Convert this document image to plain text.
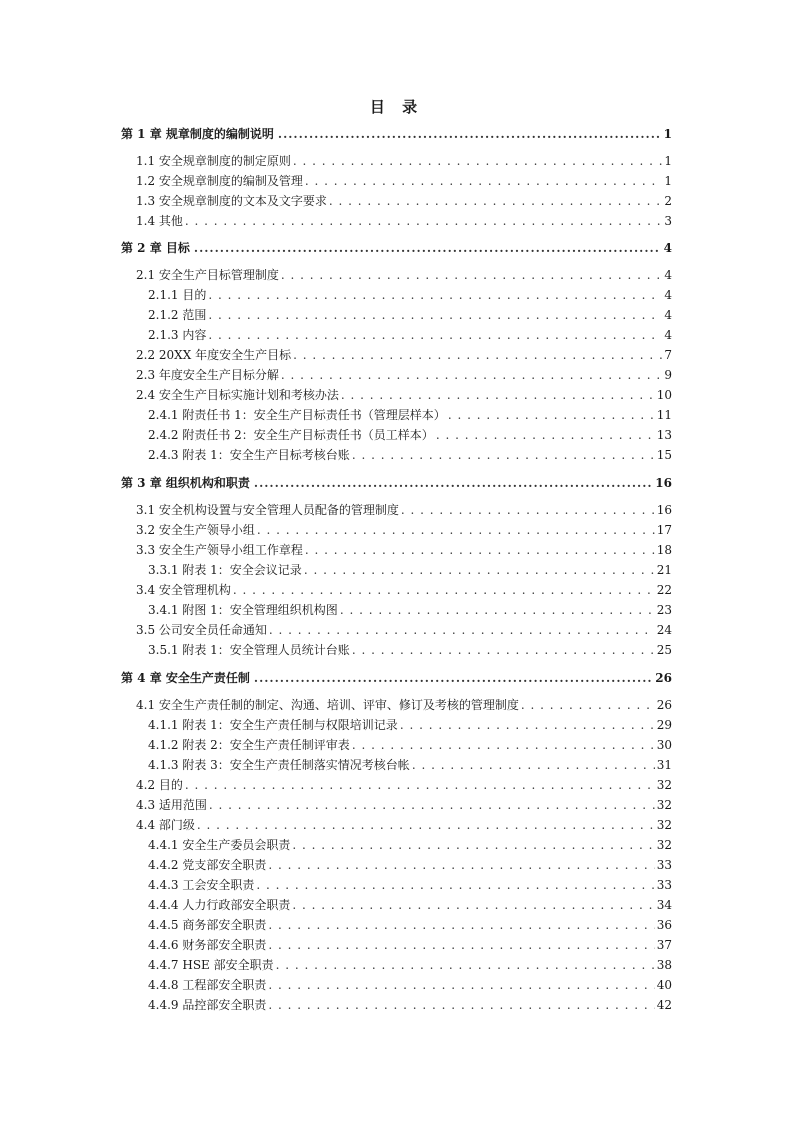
目 录
第 1 章 规章制度的编制说明 .....	1
1.1 安全规章制度的制定原则 . . .	1
1.2 安全规章制度的编制及管理 . . .	1
1.3 安全规章制度的文本及文字要求 . . .	2
1.4 其他 . . .	3
第 2 章 目标 .....	4
2.1 安全生产目标管理制度 . . .	4
2.1.1 目的 . . .	4
2.1.2 范围 . . .	4
2.1.3 内容 . . .	4
2.2 20XX 年度安全生产目标 . . .	7
2.3 年度安全生产目标分解 . . .	9
2.4 安全生产目标实施计划和考核办法 . . .	10
2.4.1 附责任书 1：安全生产目标责任书（管理层样本） . . .	11
2.4.2 附责任书 2：安全生产目标责任书（员工样本） . . .	13
2.4.3 附表 1：安全生产目标考核台账 . . .	15
第 3 章 组织机构和职责 .....	16
3.1 安全机构设置与安全管理人员配备的管理制度 . . .	16
3.2 安全生产领导小组 . . .	17
3.3 安全生产领导小组工作章程 . . .	18
3.3.1 附表 1：安全会议记录 . . .	21
3.4 安全管理机构 . . .	22
3.4.1 附图 1：安全管理组织机构图 . . .	23
3.5 公司安全员任命通知 . . .	24
3.5.1 附表 1：安全管理人员统计台账 . . .	25
第 4 章 安全生产责任制 .....	26
4.1 安全生产责任制的制定、沟通、培训、评审、修订及考核的管理制度 . . .	26
4.1.1 附表 1：安全生产责任制与权限培训记录 . . .	29
4.1.2 附表 2：安全生产责任制评审表 . . .	30
4.1.3 附表 3：安全生产责任制落实情况考核台帐 . . .	31
4.2 目的 . . .	32
4.3 适用范围 . . .	32
4.4 部门级 . . .	32
4.4.1 安全生产委员会职责 . . .	32
4.4.2 党支部安全职责 . . .	33
4.4.3 工会安全职责 . . .	33
4.4.4 人力行政部安全职责 . . .	34
4.4.5 商务部安全职责 . . .	36
4.4.6 财务部安全职责 . . .	37
4.4.7 HSE 部安全职责 . . .	38
4.4.8 工程部安全职责 . . .	40
4.4.9 品控部安全职责 . . .	42
